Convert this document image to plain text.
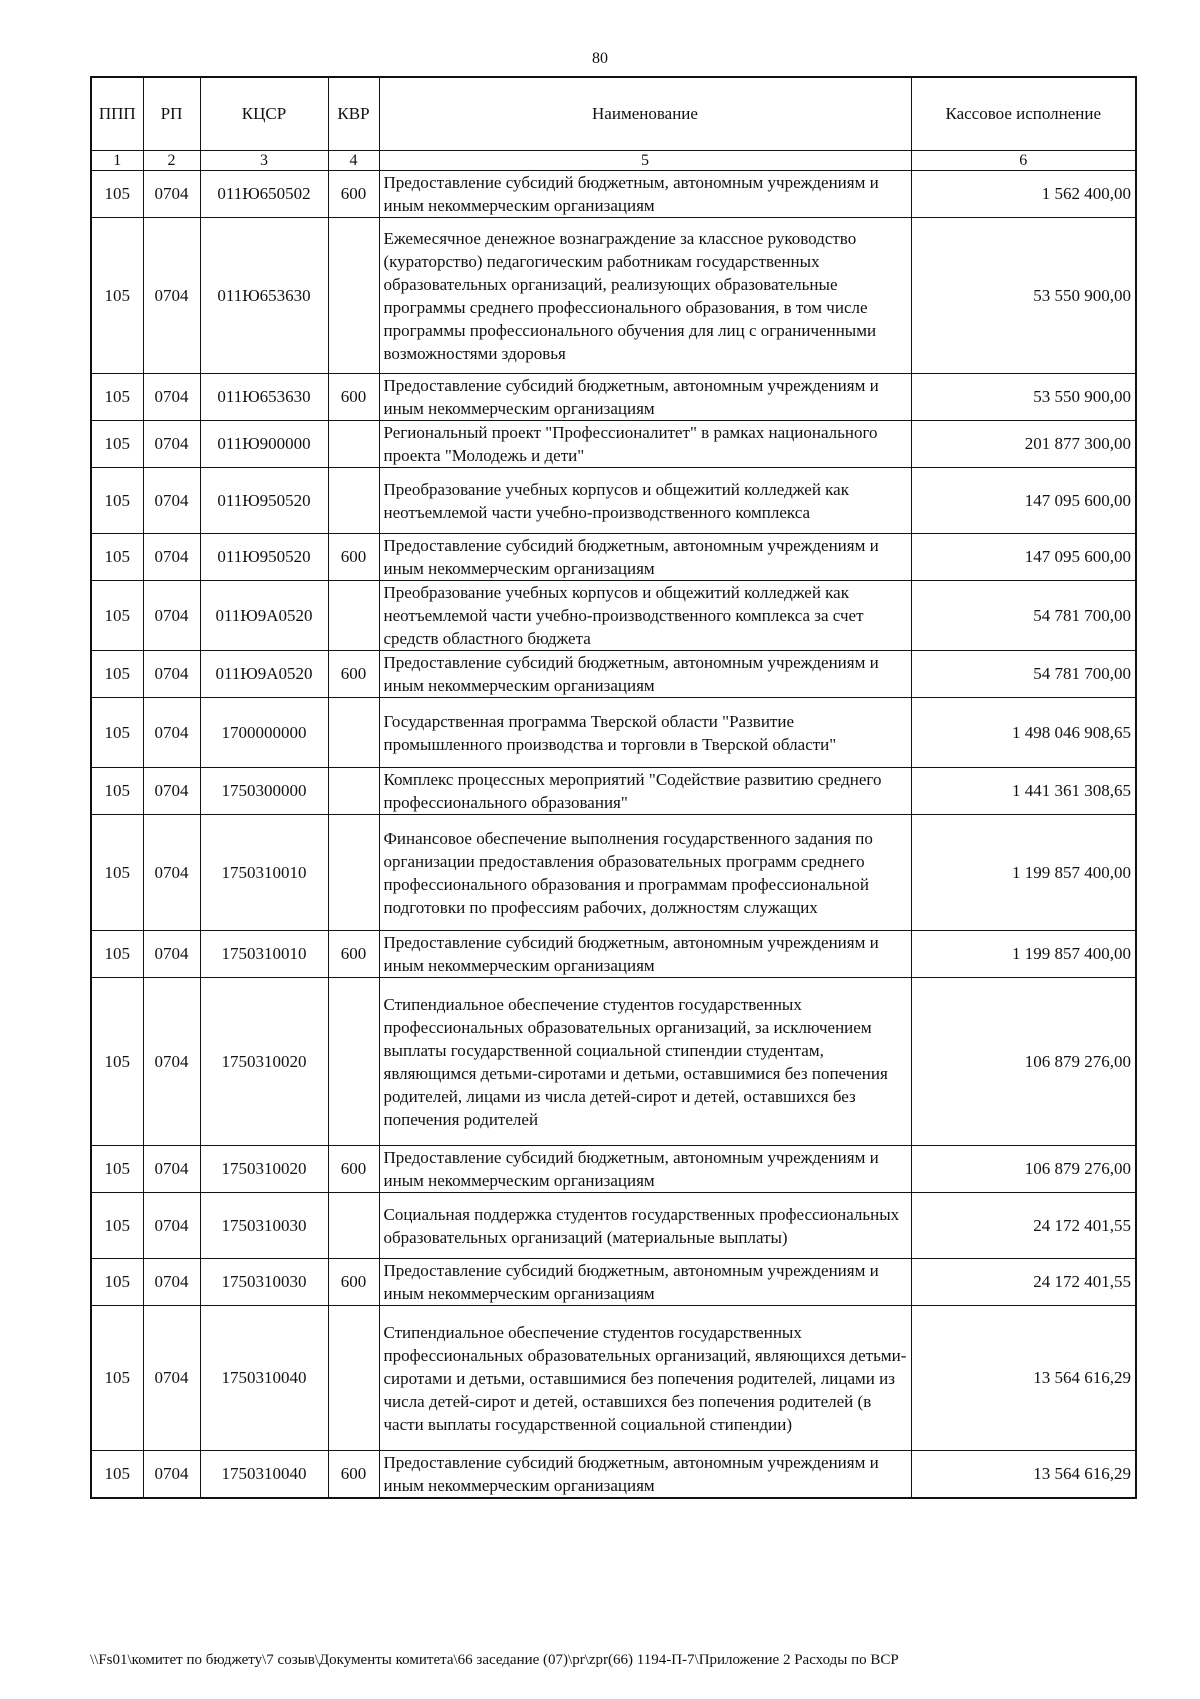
80
ППП	РП	КЦСР	КВР	Наименование	Кассовое исполнение
1	2	3	4	5	6
105	0704	011Ю650502	600	Предоставление субсидий бюджетным, автономным учреждениям и иным некоммерческим организациям	1 562 400,00
105	0704	011Ю653630		Ежемесячное денежное вознаграждение за классное руководство (кураторство) педагогическим работникам государственных образовательных организаций, реализующих образовательные программы среднего профессионального образования, в том числе программы профессионального обучения для лиц с ограниченными возможностями здоровья	53 550 900,00
105	0704	011Ю653630	600	Предоставление субсидий бюджетным, автономным учреждениям и иным некоммерческим организациям	53 550 900,00
105	0704	011Ю900000		Региональный проект "Профессионалитет" в рамках национального проекта "Молодежь и дети"	201 877 300,00
105	0704	011Ю950520		Преобразование учебных корпусов и общежитий колледжей как неотъемлемой части учебно-производственного комплекса	147 095 600,00
105	0704	011Ю950520	600	Предоставление субсидий бюджетным, автономным учреждениям и иным некоммерческим организациям	147 095 600,00
105	0704	011Ю9А0520		Преобразование учебных корпусов и общежитий колледжей как неотъемлемой части учебно-производственного комплекса за счет средств областного бюджета	54 781 700,00
105	0704	011Ю9А0520	600	Предоставление субсидий бюджетным, автономным учреждениям и иным некоммерческим организациям	54 781 700,00
105	0704	1700000000		Государственная программа Тверской области "Развитие промышленного производства и торговли в Тверской области"	1 498 046 908,65
105	0704	1750300000		Комплекс процессных мероприятий "Содействие развитию среднего профессионального образования"	1 441 361 308,65
105	0704	1750310010		Финансовое обеспечение выполнения государственного задания по организации предоставления образовательных программ среднего профессионального образования и программам профессиональной подготовки по профессиям рабочих, должностям служащих	1 199 857 400,00
105	0704	1750310010	600	Предоставление субсидий бюджетным, автономным учреждениям и иным некоммерческим организациям	1 199 857 400,00
105	0704	1750310020		Стипендиальное обеспечение студентов государственных профессиональных образовательных организаций, за исключением выплаты государственной социальной стипендии студентам, являющимся детьми-сиротами и детьми, оставшимися без попечения родителей, лицами из числа детей-сирот и детей, оставшихся без попечения родителей	106 879 276,00
105	0704	1750310020	600	Предоставление субсидий бюджетным, автономным учреждениям и иным некоммерческим организациям	106 879 276,00
105	0704	1750310030		Социальная поддержка студентов государственных профессиональных образовательных организаций (материальные выплаты)	24 172 401,55
105	0704	1750310030	600	Предоставление субсидий бюджетным, автономным учреждениям и иным некоммерческим организациям	24 172 401,55
105	0704	1750310040		Стипендиальное обеспечение студентов государственных профессиональных образовательных организаций, являющихся детьми-сиротами и детьми, оставшимися без попечения родителей, лицами из числа детей-сирот и детей, оставшихся без попечения родителей (в части выплаты государственной социальной стипендии)	13 564 616,29
105	0704	1750310040	600	Предоставление субсидий бюджетным, автономным учреждениям и иным некоммерческим организациям	13 564 616,29
\\Fs01\комитет по бюджету\7 созыв\Документы комитета\66 заседание (07)\pr\zpr(66) 1194-П-7\Приложение 2 Расходы по ВСР
